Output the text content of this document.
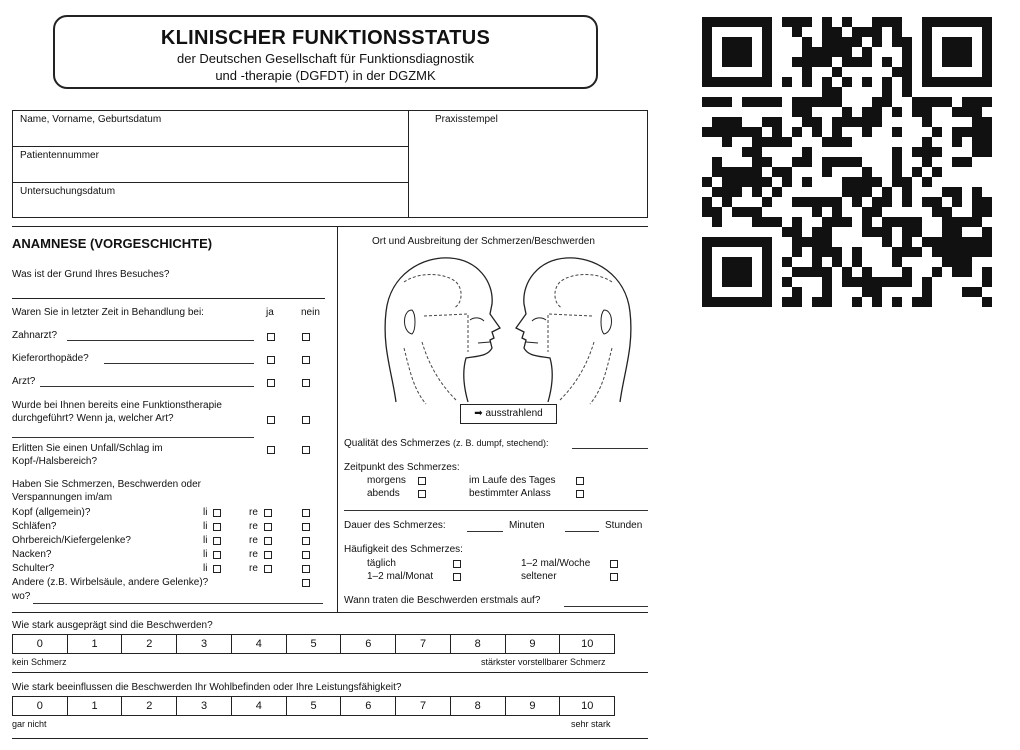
KLINISCHER FUNKTIONSSTATUS
der Deutschen Gesellschaft für Funktionsdiagnostik
und -therapie (DGFDT) in der DGZMK
Name, Vorname, Geburtsdatum
Patientennummer
Untersuchungsdatum
Praxisstempel
ANAMNESE (VORGESCHICHTE)
Was ist der Grund Ihres Besuches?
Waren Sie in letzter Zeit in Behandlung bei:	ja	nein
Zahnarzt?
Kieferorthopäde?
Arzt?
Wurde bei Ihnen bereits eine Funktionstherapie
durchgeführt? Wenn ja, welcher Art?
Erlitten Sie einen Unfall/Schlag im
Kopf-/Halsbereich?
Haben Sie Schmerzen, Beschwerden oder
Verspannungen im/am
Kopf (allgemein)?	li	re
Schläfen?	li	re
Ohrbereich/Kiefergelenke?	li	re
Nacken?	li	re
Schulter?	li	re
Andere (z.B. Wirbelsäule, andere Gelenke)?
wo?
Ort und Ausbreitung der Schmerzen/Beschwerden
➡ ausstrahlend
Qualität des Schmerzes (z. B. dumpf, stechend):
Zeitpunkt des Schmerzes:
morgens	im Laufe des Tages
abends	bestimmter Anlass
Dauer des Schmerzes:	Minuten	Stunden
Häufigkeit des Schmerzes:
täglich	1–2 mal/Woche
1–2 mal/Monat	seltener
Wann traten die Beschwerden erstmals auf?
Wie stark ausgeprägt sind die Beschwerden?
0	1	2	3	4	5	6	7	8	9	10
kein Schmerz	stärkster vorstellbarer Schmerz
Wie stark beeinflussen die Beschwerden Ihr Wohlbefinden oder Ihre Leistungsfähigkeit?
0	1	2	3	4	5	6	7	8	9	10
gar nicht	sehr stark
